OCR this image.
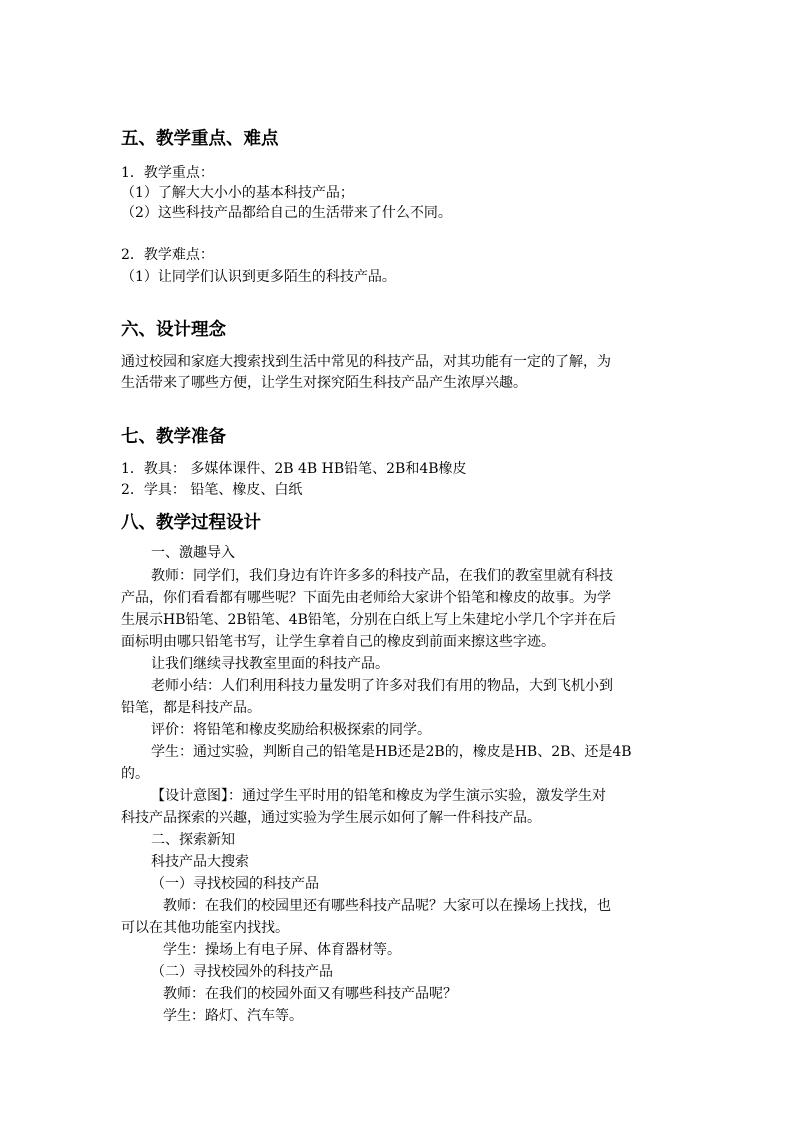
五、教学重点、难点
1．教学重点：
（1）了解大大小小的基本科技产品；
（2）这些科技产品都给自己的生活带来了什么不同。
2．教学难点：
（1）让同学们认识到更多陌生的科技产品。
六、设计理念
通过校园和家庭大搜索找到生活中常见的科技产品，对其功能有一定的了解，为
生活带来了哪些方便，让学生对探究陌生科技产品产生浓厚兴趣。
七、教学准备
1．教具： 多媒体课件、2B 4B HB铅笔、2B和4B橡皮
2．学具： 铅笔、橡皮、白纸
八、教学过程设计
一、激趣导入
教师：同学们，我们身边有许许多多的科技产品，在我们的教室里就有科技
产品，你们看看都有哪些呢？下面先由老师给大家讲个铅笔和橡皮的故事。为学
生展示HB铅笔、2B铅笔、4B铅笔，分别在白纸上写上朱建坨小学几个字并在后
面标明由哪只铅笔书写，让学生拿着自己的橡皮到前面来擦这些字迹。
让我们继续寻找教室里面的科技产品。
老师小结：人们利用科技力量发明了许多对我们有用的物品，大到飞机小到
铅笔，都是科技产品。
评价：将铅笔和橡皮奖励给积极探索的同学。
学生：通过实验，判断自己的铅笔是HB还是2B的，橡皮是HB、2B、还是4B
的。
【设计意图】：通过学生平时用的铅笔和橡皮为学生演示实验，激发学生对
科技产品探索的兴趣，通过实验为学生展示如何了解一件科技产品。
二、探索新知
科技产品大搜索
（一）寻找校园的科技产品
教师：在我们的校园里还有哪些科技产品呢？大家可以在操场上找找，也
可以在其他功能室内找找。
学生：操场上有电子屏、体育器材等。
（二）寻找校园外的科技产品
教师：在我们的校园外面又有哪些科技产品呢？
学生：路灯、汽车等。
